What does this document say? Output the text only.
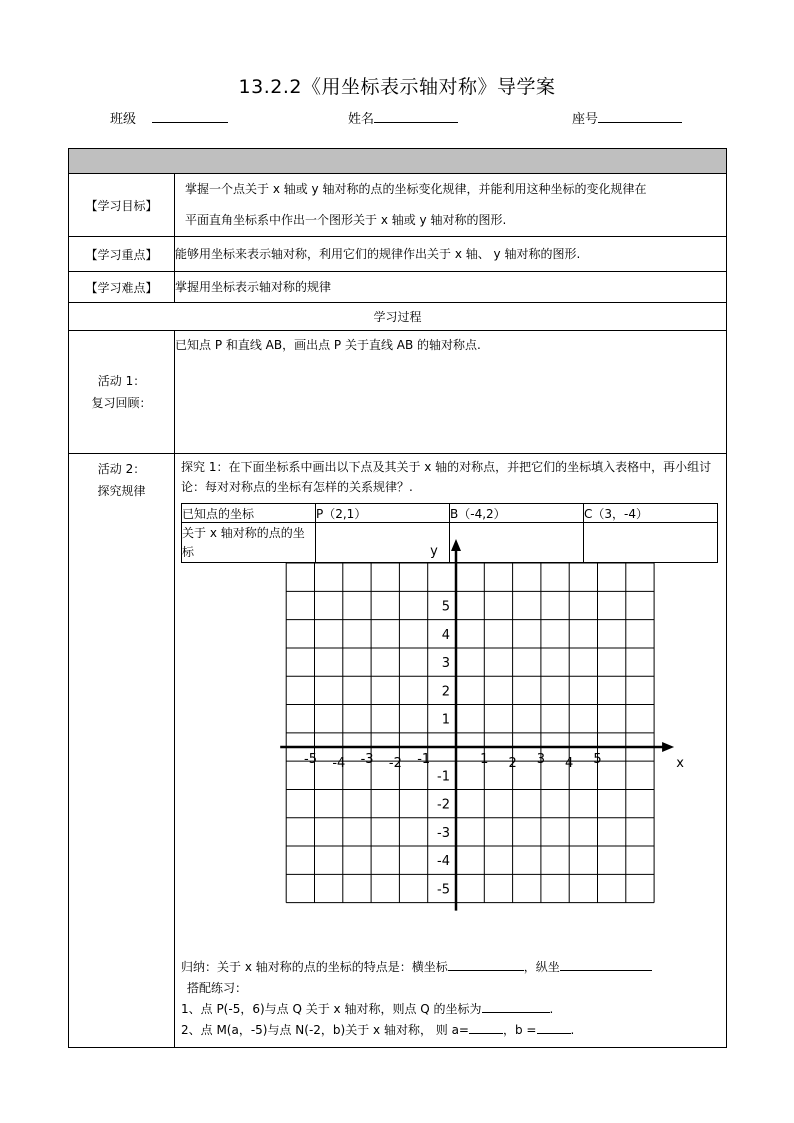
13.2.2《用坐标表示轴对称》导学案
班级	姓名	座号

【学习目标】	
掌握一个点关于 x 轴或 y 轴对称的点的坐标变化规律，并能利用这种坐标的变化规律在
平面直角坐标系中作出一个图形关于 x 轴或 y 轴对称的图形.

【学习重点】	能够用坐标来表示轴对称，利用它们的规律作出关于 x 轴、 y 轴对称的图形.
【学习难点】	掌握用坐标表示轴对称的规律
学习过程

活动 1：
复习回顾：

已知点 P 和直线 AB，画出点 P 关于直线 AB 的轴对称点.

活动 2：
探究规律

探究 1：在下面坐标系中画出以下点及其关于 x 轴的对称点，并把它们的坐标填入表格中，再小组讨论：每对对称点的坐标有怎样的关系规律？.
已知点的坐标	P（2,1）	B（-4,2）	C（3，-4）
关于 x 轴对称的点的坐标			
x
y
-5 -4 -3 -2 -1	1 2 3 4 5
5
4
3
2
1
-1
-2
-3
-4
-5
归纳：关于 x 轴对称的点的坐标的特点是：横坐标	，纵坐
搭配练习：
1、点 P(-5，6)与点 Q 关于 x 轴对称，则点 Q 的坐标为	.
2、点 M(a，-5)与点 N(-2，b)关于 x 轴对称， 则 a=	，b =	.
